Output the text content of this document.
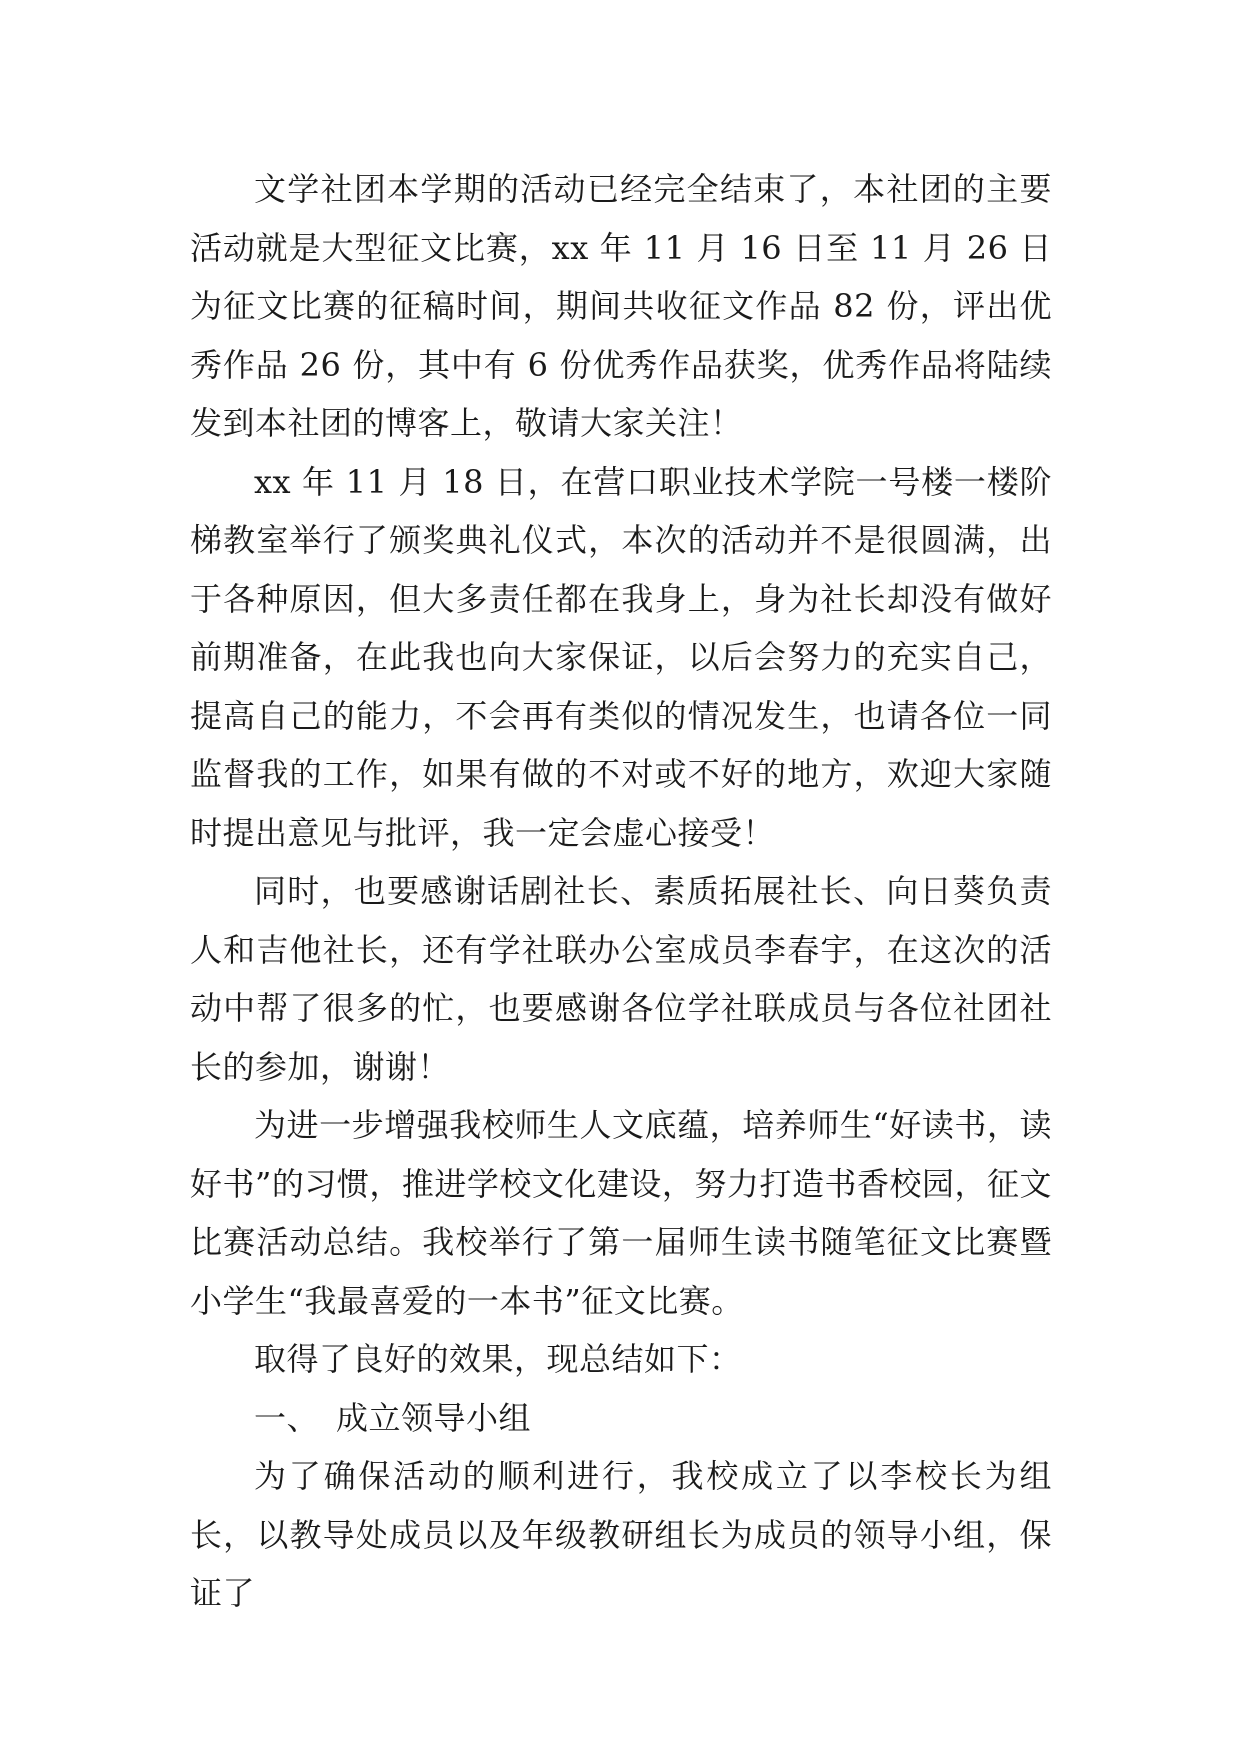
文学社团本学期的活动已经完全结束了，本社团的主要活动就是大型征文比赛，xx 年 11 月 16 日至 11 月 26 日为征文比赛的征稿时间，期间共收征文作品 82 份，评出优秀作品 26 份，其中有 6 份优秀作品获奖，优秀作品将陆续发到本社团的博客上，敬请大家关注！

xx 年 11 月 18 日，在营口职业技术学院一号楼一楼阶梯教室举行了颁奖典礼仪式，本次的活动并不是很圆满，出于各种原因，但大多责任都在我身上，身为社长却没有做好前期准备，在此我也向大家保证，以后会努力的充实自己，提高自己的能力，不会再有类似的情况发生，也请各位一同监督我的工作，如果有做的不对或不好的地方，欢迎大家随时提出意见与批评，我一定会虚心接受！

同时，也要感谢话剧社长、素质拓展社长、向日葵负责人和吉他社长，还有学社联办公室成员李春宇，在这次的活动中帮了很多的忙，也要感谢各位学社联成员与各位社团社长的参加，谢谢！

为进一步增强我校师生人文底蕴，培养师生“好读书，读好书”的习惯，推进学校文化建设，努力打造书香校园，征文比赛活动总结。我校举行了第一届师生读书随笔征文比赛暨小学生“我最喜爱的一本书”征文比赛。

取得了良好的效果，现总结如下：

一、 成立领导小组

为了确保活动的顺利进行，我校成立了以李校长为组长，以教导处成员以及年级教研组长为成员的领导小组，保证了
